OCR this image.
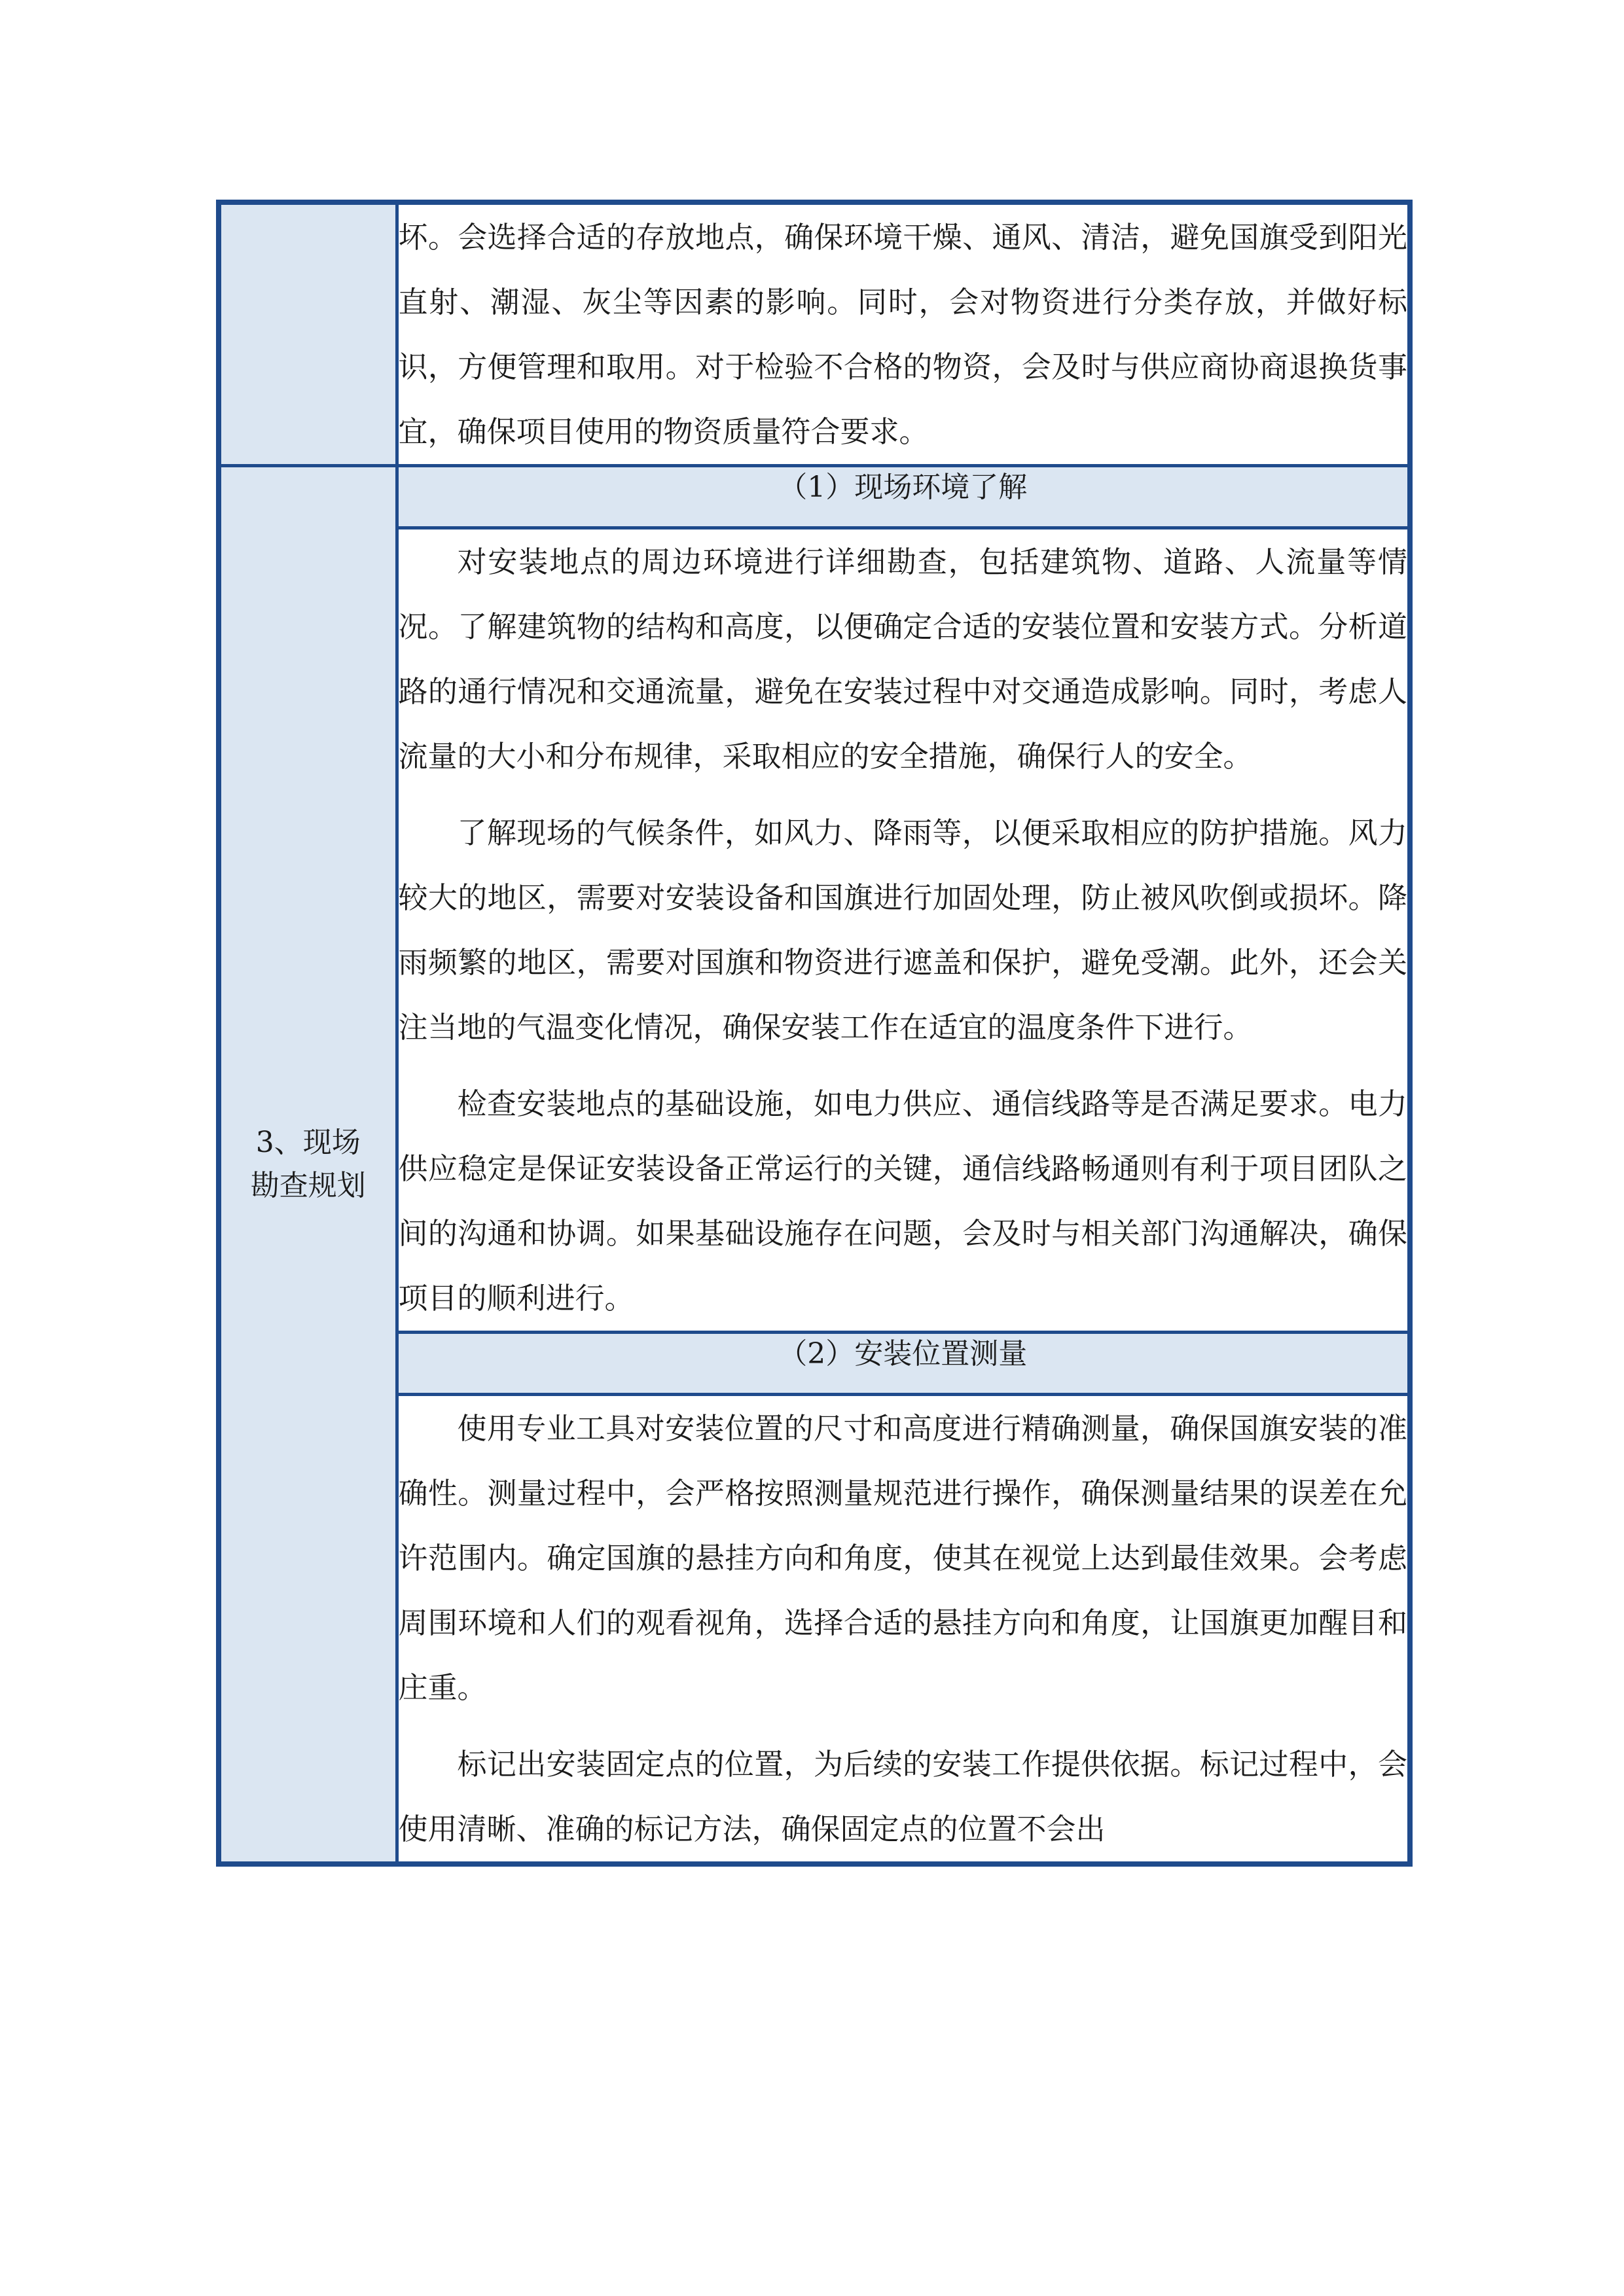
	坏。会选择合适的存放地点，确保环境干燥、通风、清洁，避免国旗受到阳光直射、潮湿、灰尘等因素的影响。同时，会对物资进行分类存放，并做好标识，方便管理和取用。对于检验不合格的物资，会及时与供应商协商退换货事宜，确保项目使用的物资质量符合要求。

3、现场勘查规划	（1）现场环境了解

	对安装地点的周边环境进行详细勘查，包括建筑物、道路、人流量等情况。了解建筑物的结构和高度，以便确定合适的安装位置和安装方式。分析道路的通行情况和交通流量，避免在安装过程中对交通造成影响。同时，考虑人流量的大小和分布规律，采取相应的安全措施，确保行人的安全。

了解现场的气候条件，如风力、降雨等，以便采取相应的防护措施。风力较大的地区，需要对安装设备和国旗进行加固处理，防止被风吹倒或损坏。降雨频繁的地区，需要对国旗和物资进行遮盖和保护，避免受潮。此外，还会关注当地的气温变化情况，确保安装工作在适宜的温度条件下进行。

检查安装地点的基础设施，如电力供应、通信线路等是否满足要求。电力供应稳定是保证安装设备正常运行的关键，通信线路畅通则有利于项目团队之间的沟通和协调。如果基础设施存在问题，会及时与相关部门沟通解决，确保项目的顺利进行。

	（2）安装位置测量

	使用专业工具对安装位置的尺寸和高度进行精确测量，确保国旗安装的准确性。测量过程中，会严格按照测量规范进行操作，确保测量结果的误差在允许范围内。确定国旗的悬挂方向和角度，使其在视觉上达到最佳效果。会考虑周围环境和人们的观看视角，选择合适的悬挂方向和角度，让国旗更加醒目和庄重。

标记出安装固定点的位置，为后续的安装工作提供依据。标记过程中，会使用清晰、准确的标记方法，确保固定点的位置不会出
